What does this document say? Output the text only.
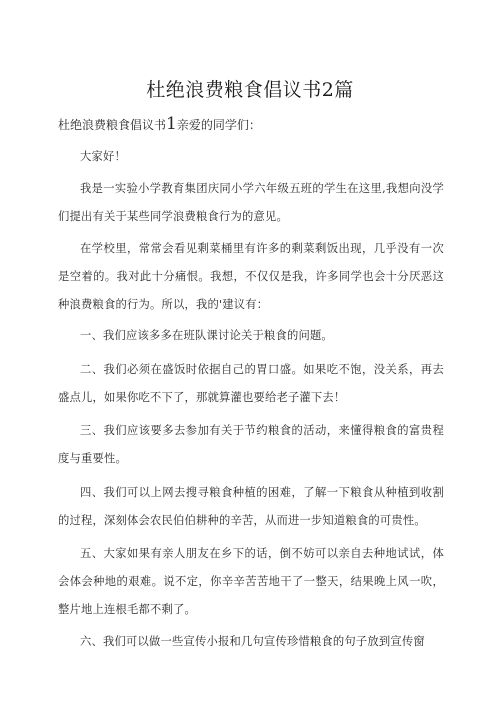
杜绝浪费粮食倡议书2篇
杜绝浪费粮食倡议书1亲爱的同学们：
大家好！
我是一实验小学教育集团庆同小学六年级五班的学生在这里,我想向没学们提出有关于某些同学浪费粮食行为的意见。
在学校里，常常会看见剩菜桶里有许多的剩菜剩饭出现，几乎没有一次是空着的。我对此十分痛恨。我想，不仅仅是我，许多同学也会十分厌恶这种浪费粮食的行为。所以，我的'建议有：
一、我们应该多多在班队课讨论关于粮食的问题。
二、我们必须在盛饭时依据自己的胃口盛。如果吃不饱，没关系，再去盛点儿，如果你吃不下了，那就算灌也要给老子灌下去！
三、我们应该要多去参加有关于节约粮食的活动，来懂得粮食的富贵程度与重要性。
四、我们可以上网去搜寻粮食种植的困难，了解一下粮食从种植到收割的过程，深刻体会农民伯伯耕种的辛苦，从而进一步知道粮食的可贵性。
五、大家如果有亲人朋友在乡下的话，倒不妨可以亲自去种地试试，体会体会种地的艰难。说不定，你辛辛苦苦地干了一整天，结果晚上风一吹，整片地上连根毛都不剩了。
六、我们可以做一些宣传小报和几句宣传珍惜粮食的句子放到宣传窗
